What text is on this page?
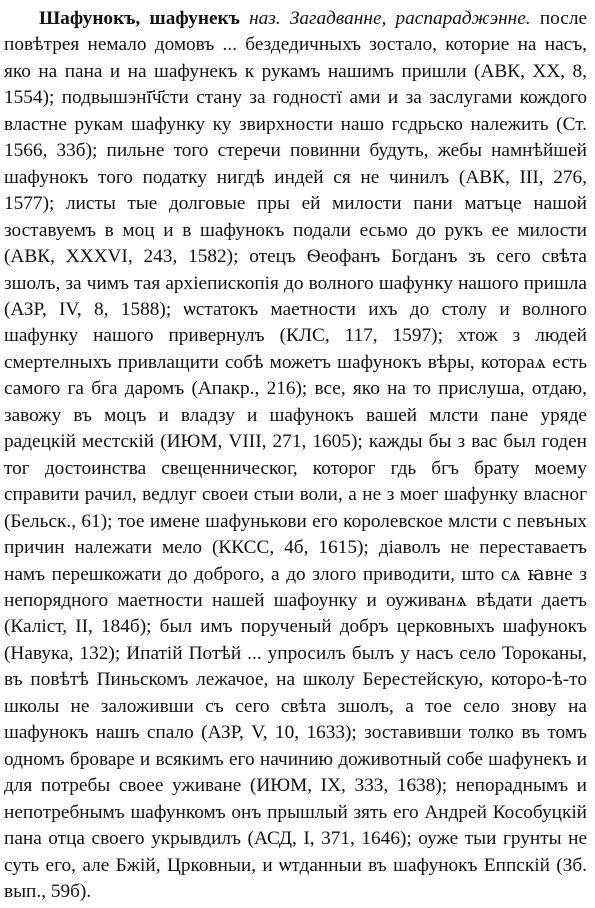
Шафунокъ, шафунекъ наз. Загадванне, распараджэнне. после повѣтрея немало домовъ ... бездедичныхъ зостало, которие на насъ, яко на пана и на шафунекъ к рукамъ нашимъ пришли (АВК, XX, 8, 1554); подвышэнї҃ч҃сти стану за годностї ами и за заслугами кождого властне рукам шафунку ку звирхности нашо гсдрьско належить (Ст. 1566, 33б); пильне того стеречи повинни будуть, жебы намнѣйшей шафунокъ того податку нигдѣ индей ся не чинилъ (АВК, III, 276, 1577); листы тые долговые пры ей милости пани матъце нашой зоставуемъ в моц и в шафунокъ подали есьмо до рукъ ее милости (АВК, XXXVI, 243, 1582); отецъ Ѳеофанъ Богданъ зъ сего свѣта зшолъ, за чимъ тая архiепископiя до волного шафунку нашого пришла (АЗР, IV, 8, 1588); ѡстатокъ маетности ихъ до столу и волного шафунку нашого привернулъ (КЛС, 117, 1597); хтож з людей смертелныхъ привлащити собѣ можетъ шафунокъ вѣры, котораѧ есть самого га бга даромъ (Апакр., 216); все, яко на то прислуша, отдаю, завожу въ моцъ и владзу и шафунокъ вашей млсти пане уряде радецкiй местскiй (ИЮМ, VIII, 271, 1605); кажды бы з вас был годен тог достоинства свещенническог, которог гдь бгъ брату моему справити рачил, ведлуг своеи стыи воли, а не з моег шафунку власног (Бельск., 61); тое имене шафунькови его королевское млсти с певъных причин належати мело (ККСС, 4б, 1615); дiаволъ не переставаетъ намъ перешкожати до доброго, а до злого приводити, што сѧ ꙗвне з непорядного маетности нашей шафоунку и оуживанѧ вѣдати даетъ (Калiст, II, 184б); был имъ порученый добръ церковныхъ шафунокъ (Навука, 132); Ипатiй Потѣй ... упросилъ былъ у насъ село Тороканы, въ повѣтѣ Пиньскомъ лежачое, на школу Берестейскую, которо-ѣ-то школы не заложивши съ сего свѣта зшолъ, а тое село знову на шафунокъ нашъ спало (АЗР, V, 10, 1633); зоставивши толко въ томъ одномъ броваре и всякимъ его начинию доживотный собе шафунекъ и для потребы своее уживане (ИЮМ, IX, 333, 1638); непораднымъ и непотребнымъ шафункомъ онъ прышлый зять его Андрей Кособуцкiй пана отца своего укрывдилъ (АСД, I, 371, 1646); оуже тыи грунты не суть его, але Бжiй, Црковныи, и ѡтданныи въ шафунокъ Еппскiй (Зб. вып., 59б).
